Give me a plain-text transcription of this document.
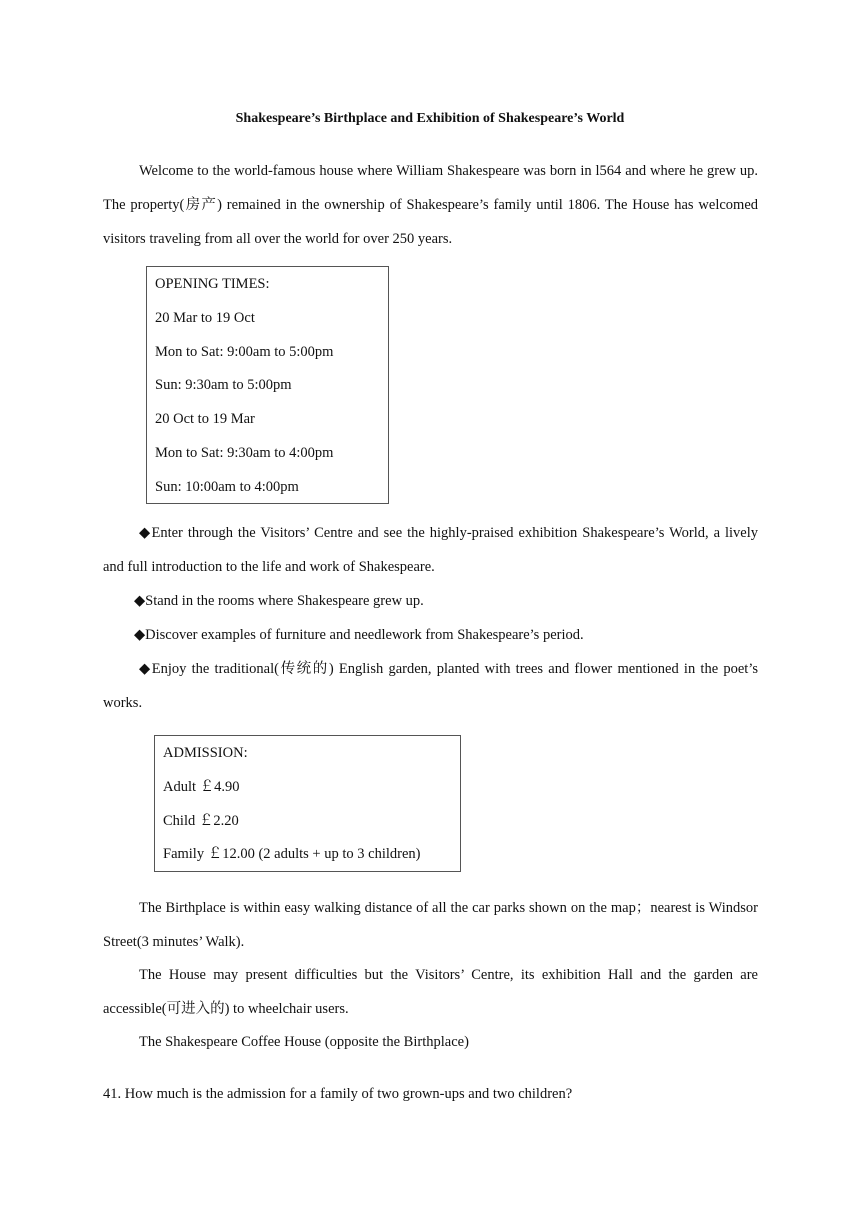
Shakespeare’s Birthplace and Exhibition of Shakespeare’s World

Welcome to the world-famous house where William Shakespeare was born in l564 and where he grew up. The property(房产) remained in the ownership of Shakespeare’s family until 1806. The House has welcomed visitors traveling from all over the world for over 250 years.

OPENING TIMES:
20 Mar to 19 Oct
Mon to Sat: 9:00am to 5:00pm
Sun: 9:30am to 5:00pm
20 Oct to 19 Mar
Mon to Sat: 9:30am to 4:00pm
Sun: 10:00am to 4:00pm

◆Enter through the Visitors’ Centre and see the highly-praised exhibition Shakespeare’s World, a lively and full introduction to the life and work of Shakespeare.

◆Stand in the rooms where Shakespeare grew up.

◆Discover examples of furniture and needlework from Shakespeare’s period.

◆Enjoy the traditional(传统的) English garden, planted with trees and flower mentioned in the poet’s works.

ADMISSION:
Adult ￡4.90
Child ￡2.20
Family ￡12.00 (2 adults + up to 3 children)

The Birthplace is within easy walking distance of all the car parks shown on the map；nearest is Windsor Street(3 minutes’ Walk).

The House may present difficulties but the Visitors’ Centre, its exhibition Hall and the garden are accessible(可进入的) to wheelchair users.

The Shakespeare Coffee House (opposite the Birthplace)

41. How much is the admission for a family of two grown-ups and two children?
